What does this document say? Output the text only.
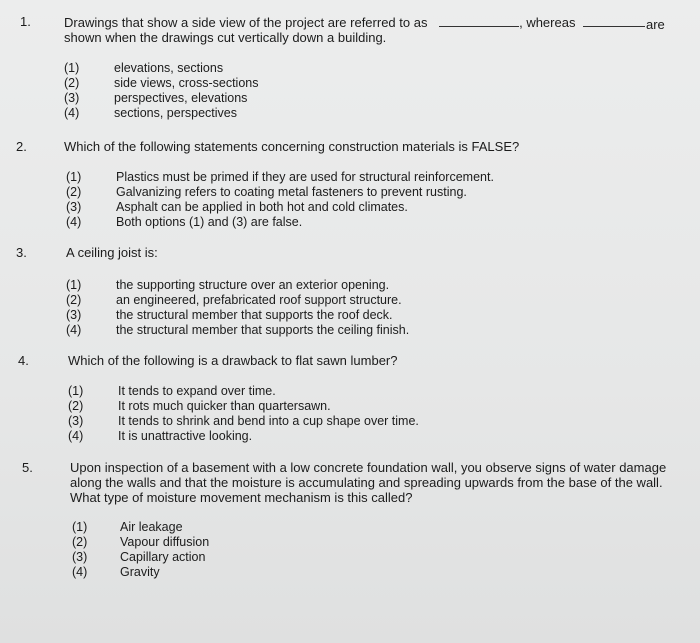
1.	Drawings that show a side view of the project are referred to as	, whereas
shown when the drawings cut vertically down a building.
are
(1)	elevations, sections
(2)	side views, cross-sections
(3)	perspectives, elevations
(4)	sections, perspectives
2.	Which of the following statements concerning construction materials is FALSE?
(1)	Plastics must be primed if they are used for structural reinforcement.
(2)	Galvanizing refers to coating metal fasteners to prevent rusting.
(3)	Asphalt can be applied in both hot and cold climates.
(4)	Both options (1) and (3) are false.
3.	A ceiling joist is:
(1)	the supporting structure over an exterior opening.
(2)	an engineered, prefabricated roof support structure.
(3)	the structural member that supports the roof deck.
(4)	the structural member that supports the ceiling finish.
4.	Which of the following is a drawback to flat sawn lumber?
(1)	It tends to expand over time.
(2)	It rots much quicker than quartersawn.
(3)	It tends to shrink and bend into a cup shape over time.
(4)	It is unattractive looking.
5.	Upon inspection of a basement with a low concrete foundation wall, you observe signs of water damage
along the walls and that the moisture is accumulating and spreading upwards from the base of the wall.
What type of moisture movement mechanism is this called?
(1)	Air leakage
(2)	Vapour diffusion
(3)	Capillary action
(4)	Gravity
